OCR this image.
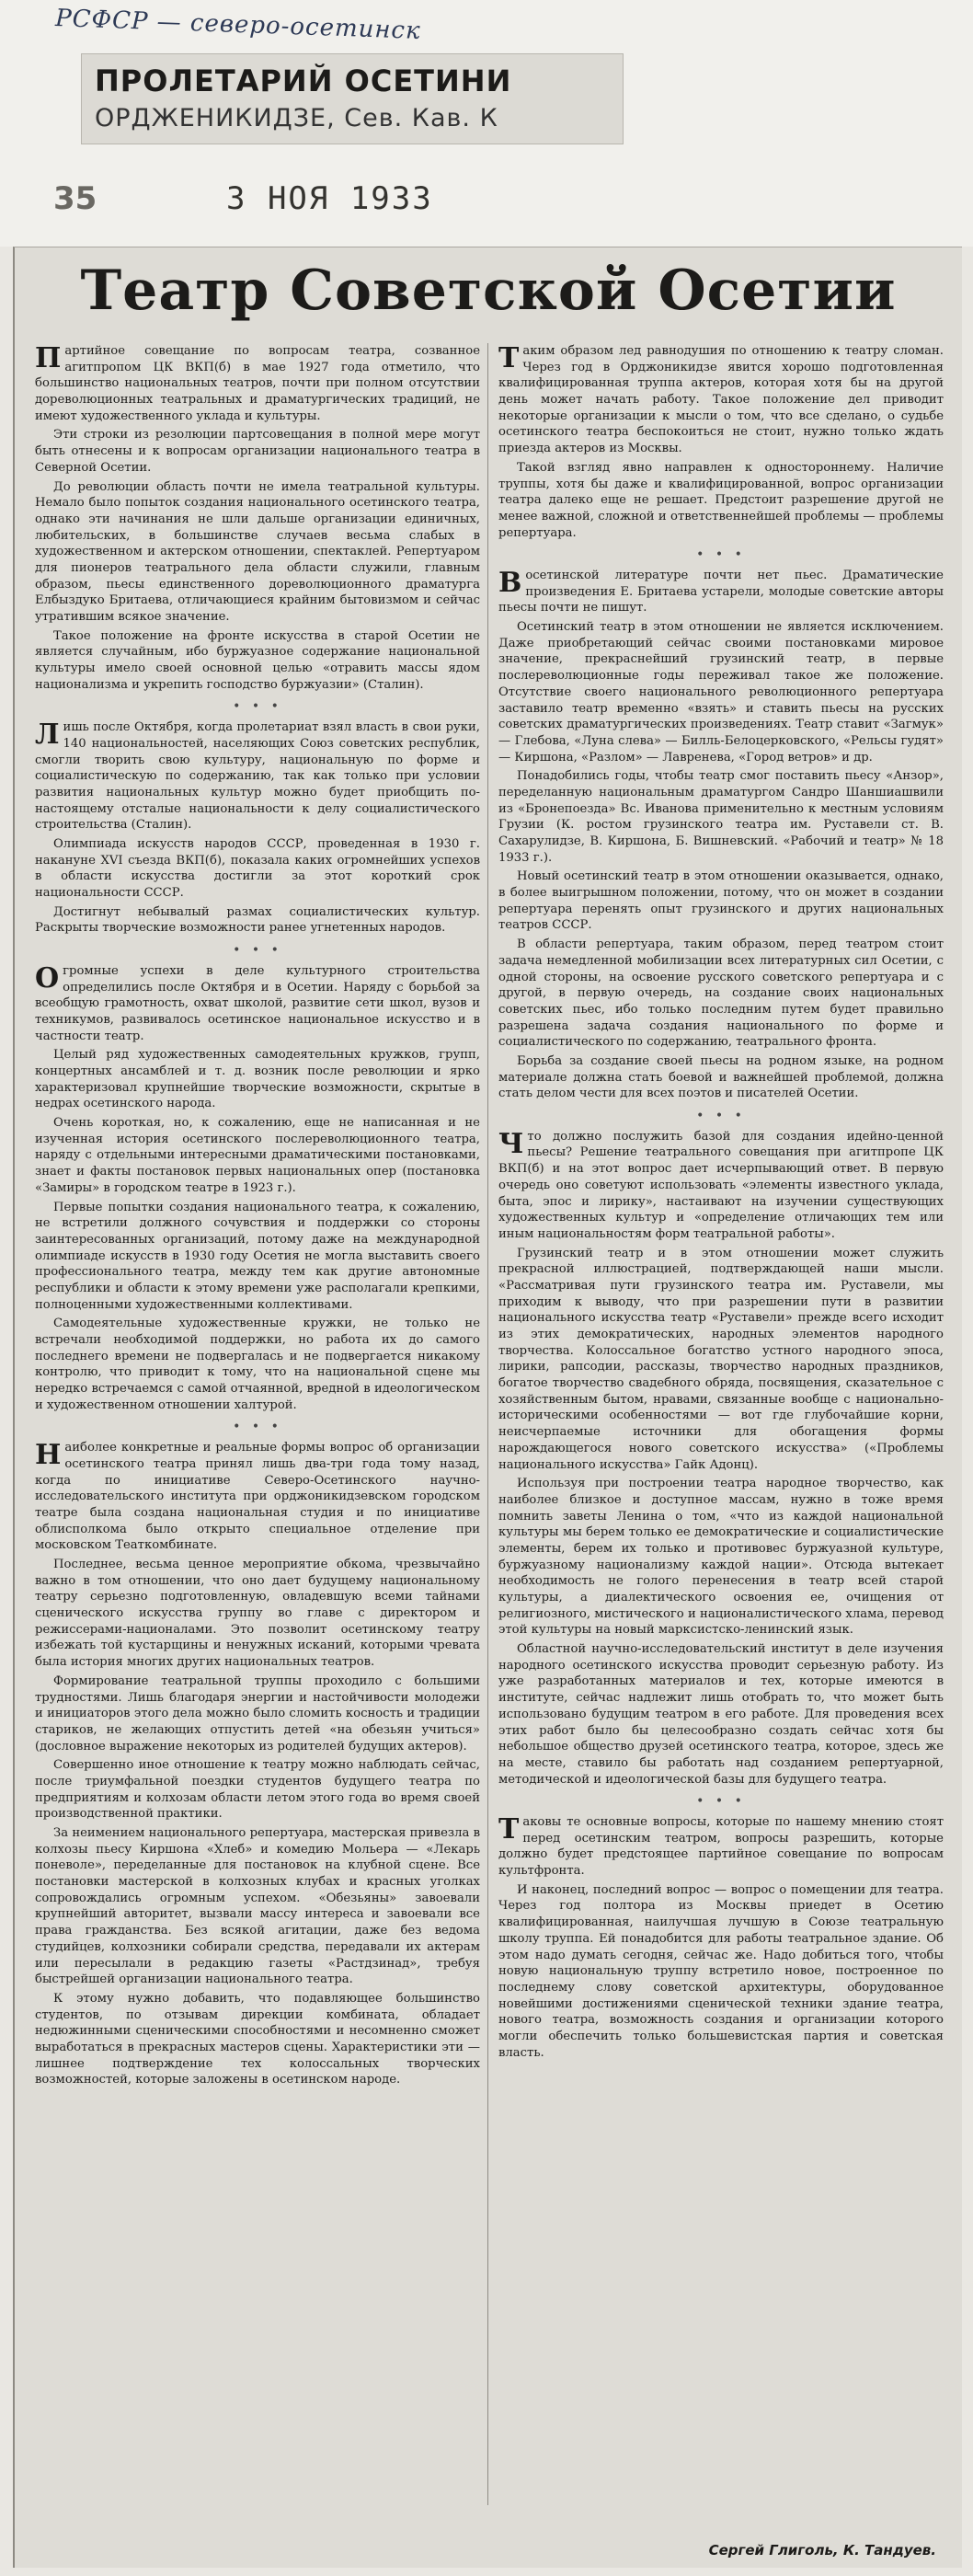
РСФСР — северо-осетинск
ПРОЛЕТАРИЙ ОСЕТИНИ
ОРДЖЕНИКИДЗЕ, Сев. Кав. К
35	3 НОЯ 1933
Театр Советской Осетии

Партийное совещание по вопросам театра, созванное агитпропом ЦК ВКП(б) в мае 1927 года отметило, что большинство национальных театров, почти при полном отсутствии дореволюционных театральных и драматургических традиций, не имеют художественного уклада и культуры.

Эти строки из резолюции партсовещания в полной мере могут быть отнесены и к вопросам организации национального театра в Северной Осетии.

До революции область почти не имела театральной культуры. Немало было попыток создания национального осетинского театра, однако эти начинания не шли дальше организации единичных, любительских, в большинстве случаев весьма слабых в художественном и актерском отношении, спектаклей. Репертуаром для пионеров театрального дела области служили, главным образом, пьесы единственного дореволюционного драматурга Елбыздуко Бритаева, отличающиеся крайним бытовизмом и сейчас утратившим всякое значение.

Такое положение на фронте искусства в старой Осетии не является случайным, ибо буржуазное содержание национальной культуры имело своей основной целью «отравить массы ядом национализма и укрепить господство буржуазии» (Сталин).

• • •

Лишь после Октября, когда пролетариат взял власть в свои руки, 140 национальностей, населяющих Союз советских республик, смогли творить свою культуру, национальную по форме и социалистическую по содержанию, так как только при условии развития национальных культур можно будет приобщить по-настоящему отсталые национальности к делу социалистического строительства (Сталин).

Олимпиада искусств народов СССР, проведенная в 1930 г. накануне XVI съезда ВКП(б), показала каких огромнейших успехов в области искусства достигли за этот короткий срок национальности СССР.

Достигнут небывалый размах социалистических культур. Раскрыты творческие возможности ранее угнетенных народов.

• • •

Огромные успехи в деле культурного строительства определились после Октября и в Осетии. Наряду с борьбой за всеобщую грамотность, охват школой, развитие сети школ, вузов и техникумов, развивалось осетинское национальное искусство и в частности театр.

Целый ряд художественных самодеятельных кружков, групп, концертных ансамблей и т. д. возник после революции и ярко характеризовал крупнейшие творческие возможности, скрытые в недрах осетинского народа.

Очень короткая, но, к сожалению, еще не написанная и не изученная история осетинского послереволюционного театра, наряду с отдельными интересными драматическими постановками, знает и факты постановок первых национальных опер (постановка «Замиры» в городском театре в 1923 г.).

Первые попытки создания национального театра, к сожалению, не встретили должного сочувствия и поддержки со стороны заинтересованных организаций, потому даже на международной олимпиаде искусств в 1930 году Осетия не могла выставить своего профессионального театра, между тем как другие автономные республики и области к этому времени уже располагали крепкими, полноценными художественными коллективами.

Самодеятельные художественные кружки, не только не встречали необходимой поддержки, но работа их до самого последнего времени не подвергалась и не подвергается никакому контролю, что приводит к тому, что на национальной сцене мы нередко встречаемся с самой отчаянной, вредной в идеологическом и художественном отношении халтурой.

• • •

Наиболее конкретные и реальные формы вопрос об организации осетинского театра принял лишь два-три года тому назад, когда по инициативе Северо-Осетинского научно-исследовательского института при орджоникидзевском городском театре была создана национальная студия и по инициативе облисполкома было открыто специальное отделение при московском Театкомбинате.

Последнее, весьма ценное мероприятие обкома, чрезвычайно важно в том отношении, что оно дает будущему национальному театру серьезно подготовленную, овладевшую всеми тайнами сценического искусства группу во главе с директором и режиссерами-националами. Это позволит осетинскому театру избежать той кустарщины и ненужных исканий, которыми чревата была история многих других национальных театров.

Формирование театральной труппы проходило с большими трудностями. Лишь благодаря энергии и настойчивости молодежи и инициаторов этого дела можно было сломить косность и традиции стариков, не желающих отпустить детей «на обезьян учиться» (дословное выражение некоторых из родителей будущих актеров).

Совершенно иное отношение к театру можно наблюдать сейчас, после триумфальной поездки студентов будущего театра по предприятиям и колхозам области летом этого года во время своей производственной практики.

За неимением национального репертуара, мастерская привезла в колхозы пьесу Киршона «Хлеб» и комедию Мольера — «Лекарь поневоле», переделанные для постановок на клубной сцене. Все постановки мастерской в колхозных клубах и красных уголках сопровождались огромным успехом. «Обезьяны» завоевали крупнейший авторитет, вызвали массу интереса и завоевали все права гражданства. Без всякой агитации, даже без ведома студийцев, колхозники собирали средства, передавали их актерам или пересылали в редакцию газеты «Растдзинад», требуя быстрейшей организации национального театра.

К этому нужно добавить, что подавляющее большинство студентов, по отзывам дирекции комбината, обладает недюжинными сценическими способностями и несомненно сможет выработаться в прекрасных мастеров сцены. Характеристики эти — лишнее подтверждение тех колоссальных творческих возможностей, которые заложены в осетинском народе.

Таким образом лед равнодушия по отношению к театру сломан. Через год в Орджоникидзе явится хорошо подготовленная квалифицированная труппа актеров, которая хотя бы на другой день может начать работу. Такое положение дел приводит некоторые организации к мысли о том, что все сделано, о судьбе осетинского театра беспокоиться не стоит, нужно только ждать приезда актеров из Москвы.

Такой взгляд явно направлен к одностороннему. Наличие труппы, хотя бы даже и квалифицированной, вопрос организации театра далеко еще не решает. Предстоит разрешение другой не менее важной, сложной и ответственнейшей проблемы — проблемы репертуара.

• • •

Восетинской литературе почти нет пьес. Драматические произведения Е. Бритаева устарели, молодые советские авторы пьесы почти не пишут.

Осетинский театр в этом отношении не является исключением. Даже приобретающий сейчас своими постановками мировое значение, прекраснейший грузинский театр, в первые послереволюционные годы переживал такое же положение. Отсутствие своего национального революционного репертуара заставило театр временно «взять» и ставить пьесы на русских советских драматургических произведениях. Театр ставит «Загмук» — Глебова, «Луна слева» — Билль-Белоцерковского, «Рельсы гудят» — Киршона, «Разлом» — Лавренева, «Город ветров» и др.

Понадобились годы, чтобы театр смог поставить пьесу «Анзор», переделанную национальным драматургом Сандро Шаншиашвили из «Бронепоезда» Вс. Иванова применительно к местным условиям Грузии (К. ростом грузинского театра им. Руставели ст. В. Сахарулидзе, В. Киршона, Б. Вишневский. «Рабочий и театр» № 18 1933 г.).

Новый осетинский театр в этом отношении оказывается, однако, в более выигрышном положении, потому, что он может в создании репертуара перенять опыт грузинского и других национальных театров СССР.

В области репертуара, таким образом, перед театром стоит задача немедленной мобилизации всех литературных сил Осетии, с одной стороны, на освоение русского советского репертуара и с другой, в первую очередь, на создание своих национальных советских пьес, ибо только последним путем будет правильно разрешена задача создания национального по форме и социалистического по содержанию, театрального фронта.

Борьба за создание своей пьесы на родном языке, на родном материале должна стать боевой и важнейшей проблемой, должна стать делом чести для всех поэтов и писателей Осетии.

• • •

Что должно послужить базой для создания идейно-ценной пьесы? Решение театрального совещания при агитпропе ЦК ВКП(б) и на этот вопрос дает исчерпывающий ответ. В первую очередь оно советуют использовать «элементы известного уклада, быта, эпос и лирику», настаивают на изучении существующих художественных культур и «определение отличающих тем или иным национальностям форм театральной работы».

Грузинский театр и в этом отношении может служить прекрасной иллюстрацией, подтверждающей наши мысли. «Рассматривая пути грузинского театра им. Руставели, мы приходим к выводу, что при разрешении пути в развитии национального искусства театр «Руставели» прежде всего исходит из этих демократических, народных элементов народного творчества. Колоссальное богатство устного народного эпоса, лирики, рапсодии, рассказы, творчество народных праздников, богатое творчество свадебного обряда, посвящения, сказательное с хозяйственным бытом, нравами, связанные вообще с национально-историческими особенностями — вот где глубочайшие корни, неисчерпаемые источники для обогащения формы нарождающегося нового советского искусства» («Проблемы национального искусства» Гайк Адонц).

Используя при построении театра народное творчество, как наиболее близкое и доступное массам, нужно в тоже время помнить заветы Ленина о том, «что из каждой национальной культуры мы берем только ее демократические и социалистические элементы, берем их только и противовес буржуазной культуре, буржуазному национализму каждой нации». Отсюда вытекает необходимость не голого перенесения в театр всей старой культуры, а диалектического освоения ее, очищения от религиозного, мистического и националистического хлама, перевод этой культуры на новый марксистско-ленинский язык.

Областной научно-исследовательский институт в деле изучения народного осетинского искусства проводит серьезную работу. Из уже разработанных материалов и тех, которые имеются в институте, сейчас надлежит лишь отобрать то, что может быть использовано будущим театром в его работе. Для проведения всех этих работ было бы целесообразно создать сейчас хотя бы небольшое общество друзей осетинского театра, которое, здесь же на месте, ставило бы работать над созданием репертуарной, методической и идеологической базы для будущего театра.

• • •

Таковы те основные вопросы, которые по нашему мнению стоят перед осетинским театром, вопросы разрешить, которые должно будет предстоящее партийное совещание по вопросам культфронта.

И наконец, последний вопрос — вопрос о помещении для театра. Через год полтора из Москвы приедет в Осетию квалифицированная, наилучшая лучшую в Союзе театральную школу труппа. Ей понадобится для работы театральное здание. Об этом надо думать сегодня, сейчас же. Надо добиться того, чтобы новую национальную труппу встретило новое, построенное по последнему слову советской архитектуры, оборудованное новейшими достижениями сценической техники здание театра, нового театра, возможность создания и организации которого могли обеспечить только большевистская партия и советская власть.

Сергей Глиголь, К. Тандуев.
